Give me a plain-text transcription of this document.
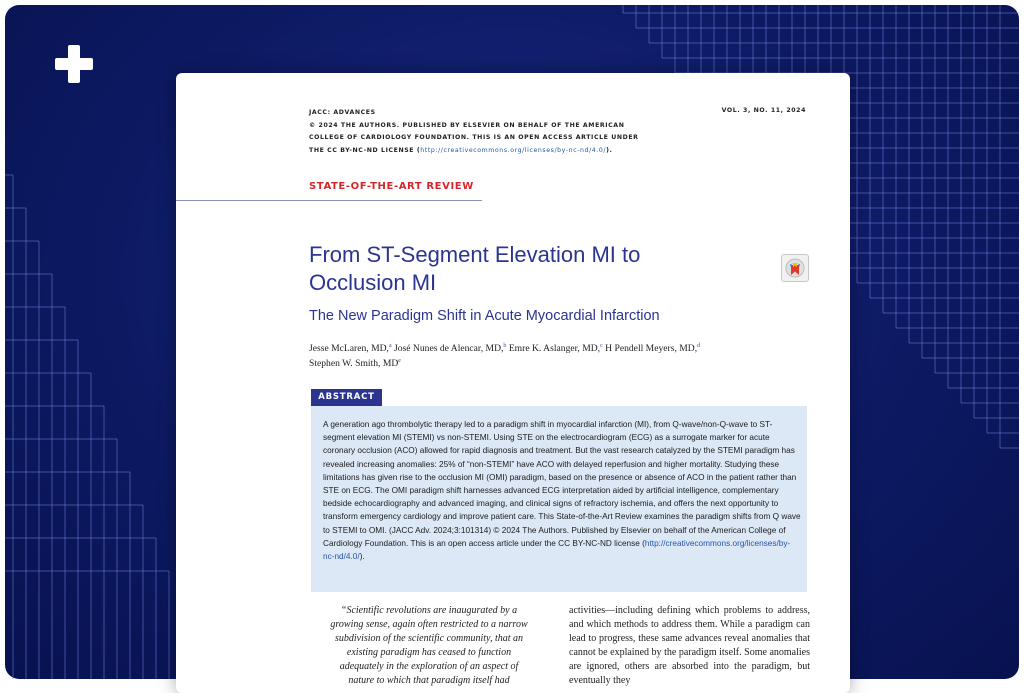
JACC: ADVANCES
© 2024 THE AUTHORS. PUBLISHED BY ELSEVIER ON BEHALF OF THE AMERICAN
COLLEGE OF CARDIOLOGY FOUNDATION. THIS IS AN OPEN ACCESS ARTICLE UNDER
THE CC BY-NC-ND LICENSE (http://creativecommons.org/licenses/by-nc-nd/4.0/).
VOL. 3, NO. 11, 2024
STATE-OF-THE-ART REVIEW
From ST-Segment Elevation MI to
Occlusion MI
The New Paradigm Shift in Acute Myocardial Infarction
Jesse McLaren, MD,$^a$ José Nunes de Alencar, MD,$^b$ Emre K. Aslanger, MD,$^c$ H Pendell Meyers, MD,$^d$
Stephen W. Smith, MDe
ABSTRACT
A generation ago thrombolytic therapy led to a paradigm shift in myocardial infarction (MI), from Q-wave/non-Q-wave to ST-segment elevation MI (STEMI) vs non-STEMI. Using STE on the electrocardiogram (ECG) as a surrogate marker for acute coronary occlusion (ACO) allowed for rapid diagnosis and treatment. But the vast research catalyzed by the STEMI paradigm has revealed increasing anomalies: 25% of “non-STEMI” have ACO with delayed reperfusion and higher mortality. Studying these limitations has given rise to the occlusion MI (OMI) paradigm, based on the presence or absence of ACO in the patient rather than STE on ECG. The OMI paradigm shift harnesses advanced ECG interpretation aided by artificial intelligence, complementary bedside echocardiography and advanced imaging, and clinical signs of refractory ischemia, and offers the next opportunity to transform emergency cardiology and improve patient care. This State-of-the-Art Review examines the paradigm shifts from Q wave to STEMI to OMI. (JACC Adv. 2024;3:101314) © 2024 The Authors. Published by Elsevier on behalf of the American College of Cardiology Foundation. This is an open access article under the CC BY-NC-ND license (http://creativecommons.org/licenses/by-nc-nd/4.0/).
“Scientific revolutions are inaugurated by a growing sense, again often restricted to a narrow subdivision of the scientific community, that an existing paradigm has ceased to function adequately in the exploration of an aspect of nature to which that paradigm itself had
activities—including defining which problems to address, and which methods to address them. While a paradigm can lead to progress, these same advances reveal anomalies that cannot be explained by the paradigm itself. Some anomalies are ignored, others are absorbed into the paradigm, but eventually they
